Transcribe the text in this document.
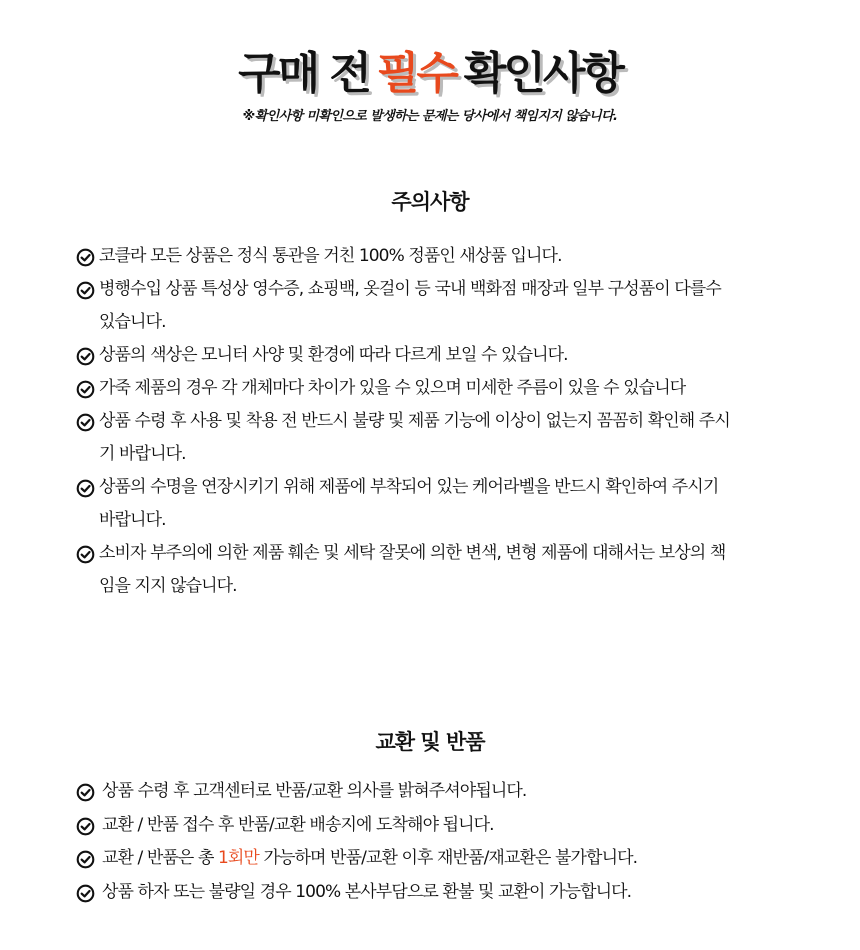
구매 전 필수 확인사항
※확인사항 미확인으로 발생하는 문제는 당사에서 책임지지 않습니다.
주의사항
코클라 모든 상품은 정식 통관을 거친 100% 정품인 새상품 입니다.
병행수입 상품 특성상 영수증, 쇼핑백, 옷걸이 등 국내 백화점 매장과 일부 구성품이 다를수
있습니다.
상품의 색상은 모니터 사양 및 환경에 따라 다르게 보일 수 있습니다.
가죽 제품의 경우 각 개체마다 차이가 있을 수 있으며 미세한 주름이 있을 수 있습니다
상품 수령 후 사용 및 착용 전 반드시 불량 및 제품 기능에 이상이 없는지 꼼꼼히 확인해 주시
기 바랍니다.
상품의 수명을 연장시키기 위해 제품에 부착되어 있는 케어라벨을 반드시 확인하여 주시기
바랍니다.
소비자 부주의에 의한 제품 훼손 및 세탁 잘못에 의한 변색, 변형 제품에 대해서는 보상의 책
임을 지지 않습니다.
교환 및 반품
상품 수령 후 고객센터로 반품/교환 의사를 밝혀주셔야됩니다.
교환 / 반품 접수 후 반품/교환 배송지에 도착해야 됩니다.
교환 / 반품은 총 1회만 가능하며 반품/교환 이후 재반품/재교환은 불가합니다.
상품 하자 또는 불량일 경우 100% 본사부담으로 환불 및 교환이 가능합니다.
